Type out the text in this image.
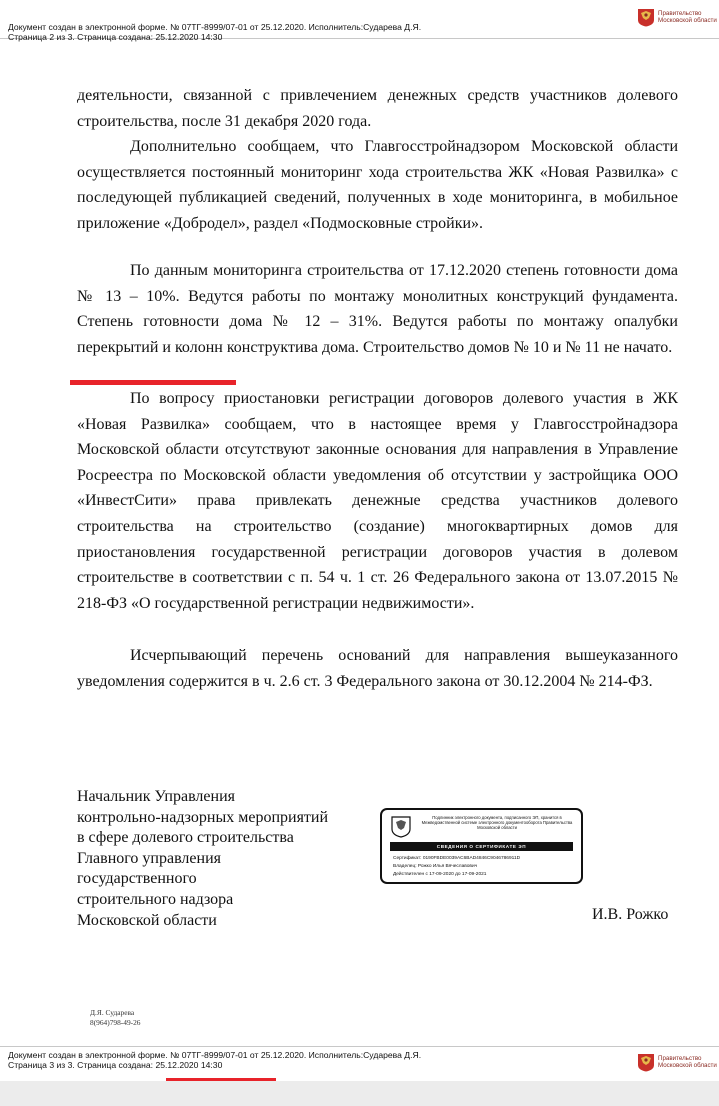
Документ создан в электронной форме. № 07ТГ-8999/07-01 от 25.12.2020. Исполнитель:Сударева Д.Я.
Страница 2 из 3. Страница создана: 25.12.2020 14:30
Правительство
Московской области

деятельности, связанной с привлечением денежных средств участников долевого строительства, после 31 декабря 2020 года.

Дополнительно сообщаем, что Главгосстройнадзором Московской области осуществляется постоянный мониторинг хода строительства ЖК «Новая Развилка» с последующей публикацией сведений, полученных в ходе мониторинга, в мобильное приложение «Добродел», раздел «Подмосковные стройки».

По данным мониторинга строительства от 17.12.2020 степень готовности дома № 13 – 10%. Ведутся работы по монтажу монолитных конструкций фундамента. Степень готовности дома № 12 – 31%. Ведутся работы по монтажу опалубки перекрытий и колонн конструктива дома. Строительство домов № 10 и № 11 не начато.

По вопросу приостановки регистрации договоров долевого участия в ЖК «Новая Развилка» сообщаем, что в настоящее время у Главгосстройнадзора Московской области отсутствуют законные основания для направления в Управление Росреестра по Московской области уведомления об отсутствии у застройщика ООО «ИнвестСити» права привлекать денежные средства участников долевого строительства на строительство (создание) многоквартирных домов для приостановления государственной регистрации договоров участия в долевом строительстве в соответствии с п. 54 ч. 1 ст. 26 Федерального закона от 13.07.2015 № 218-ФЗ «О государственной регистрации недвижимости».

Исчерпывающий перечень оснований для направления вышеуказанного уведомления содержится в ч. 2.6 ст. 3 Федерального закона от 30.12.2004 № 214-ФЗ.

Начальник Управления
контрольно-надзорных мероприятий
в сфере долевого строительства
Главного управления
государственного
строительного надзора
Московской области	И.В. Рожко
Подлинник электронного документа, подписанного ЭП, хранится в Межведомственной системе электронного документооборота Правительства Московской области
СВЕДЕНИЯ О СЕРТИФИКАТЕ ЭП
Сертификат: 0190FBDE0039AC6BAD4846C9046786911D
Владелец: Рожко Илья Вячеславович
Действителен с 17-09-2020 до 17-09-2021
Д.Я. Сударева
8(964)798-49-26
Документ создан в электронной форме. № 07ТГ-8999/07-01 от 25.12.2020. Исполнитель:Сударева Д.Я.
Страница 3 из 3. Страница создана: 25.12.2020 14:30
Правительство
Московской области
